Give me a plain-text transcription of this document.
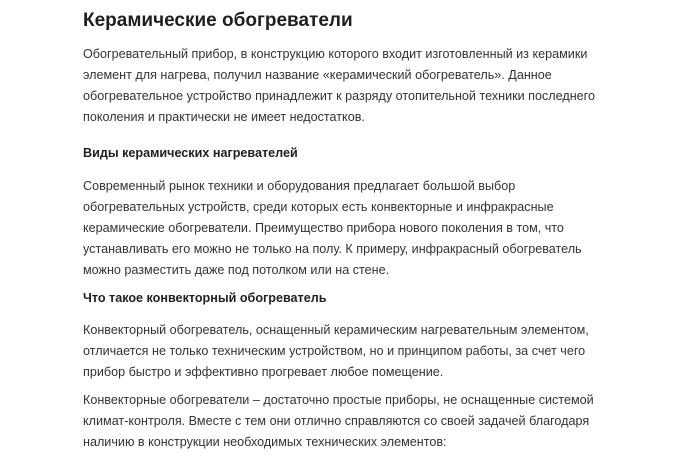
Керамические обогреватели

Обогревательный прибор, в конструкцию которого входит изготовленный из керамики
элемент для нагрева, получил название «керамический обогреватель». Данное
обогревательное устройство принадлежит к разряду отопительной техники последнего
поколения и практически не имеет недостатков.

Виды керамических нагревателей

Современный рынок техники и оборудования предлагает большой выбор
обогревательных устройств, среди которых есть конвекторные и инфракрасные
керамические обогреватели. Преимущество прибора нового поколения в том, что
устанавливать его можно не только на полу. К примеру, инфракрасный обогреватель
можно разместить даже под потолком или на стене.

Что такое конвекторный обогреватель

Конвекторный обогреватель, оснащенный керамическим нагревательным элементом,
отличается не только техническим устройством, но и принципом работы, за счет чего
прибор быстро и эффективно прогревает любое помещение.

Конвекторные обогреватели – достаточно простые приборы, не оснащенные системой
климат-контроля. Вместе с тем они отлично справляются со своей задачей благодаря
наличию в конструкции необходимых технических элементов:
